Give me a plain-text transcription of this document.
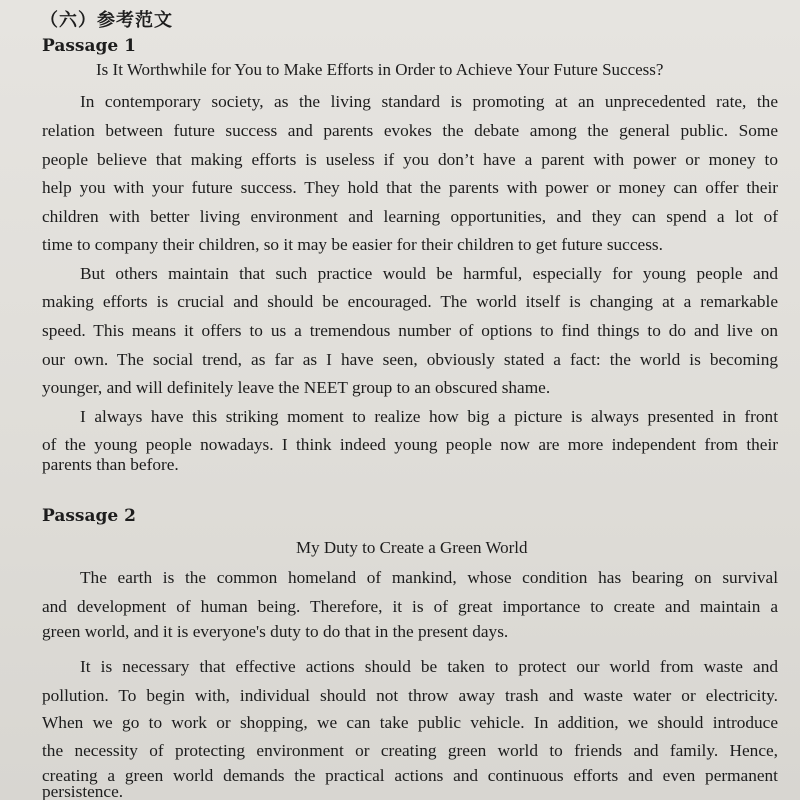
（六）参考范文
Passage 1
Is It Worthwhile for You to Make Efforts in Order to Achieve Your Future Success?
In contemporary society, as the living standard is promoting at an unprecedented rate, the
relation between future success and parents evokes the debate among the general public. Some
people believe that making efforts is useless if you don’t have a parent with power or money to
help you with your future success. They hold that the parents with power or money can offer their
children with better living environment and learning opportunities, and they can spend a lot of
time to company their children, so it may be easier for their children to get future success.
But others maintain that such practice would be harmful, especially for young people and
making efforts is crucial and should be encouraged. The world itself is changing at a remarkable
speed. This means it offers to us a tremendous number of options to find things to do and live on
our own. The social trend, as far as I have seen, obviously stated a fact: the world is becoming
younger, and will definitely leave the NEET group to an obscured shame.
I always have this striking moment to realize how big a picture is always presented in front
of the young people nowadays. I think indeed young people now are more independent from their
parents than before.
Passage 2
My Duty to Create a Green World
The earth is the common homeland of mankind, whose condition has bearing on survival
and development of human being. Therefore, it is of great importance to create and maintain a
green world, and it is everyone's duty to do that in the present days.
It is necessary that effective actions should be taken to protect our world from waste and
pollution. To begin with, individual should not throw away trash and waste water or electricity.
When we go to work or shopping, we can take public vehicle. In addition, we should introduce
the necessity of protecting environment or creating green world to friends and family. Hence,
creating a green world demands the practical actions and continuous efforts and even permanent
persistence.
